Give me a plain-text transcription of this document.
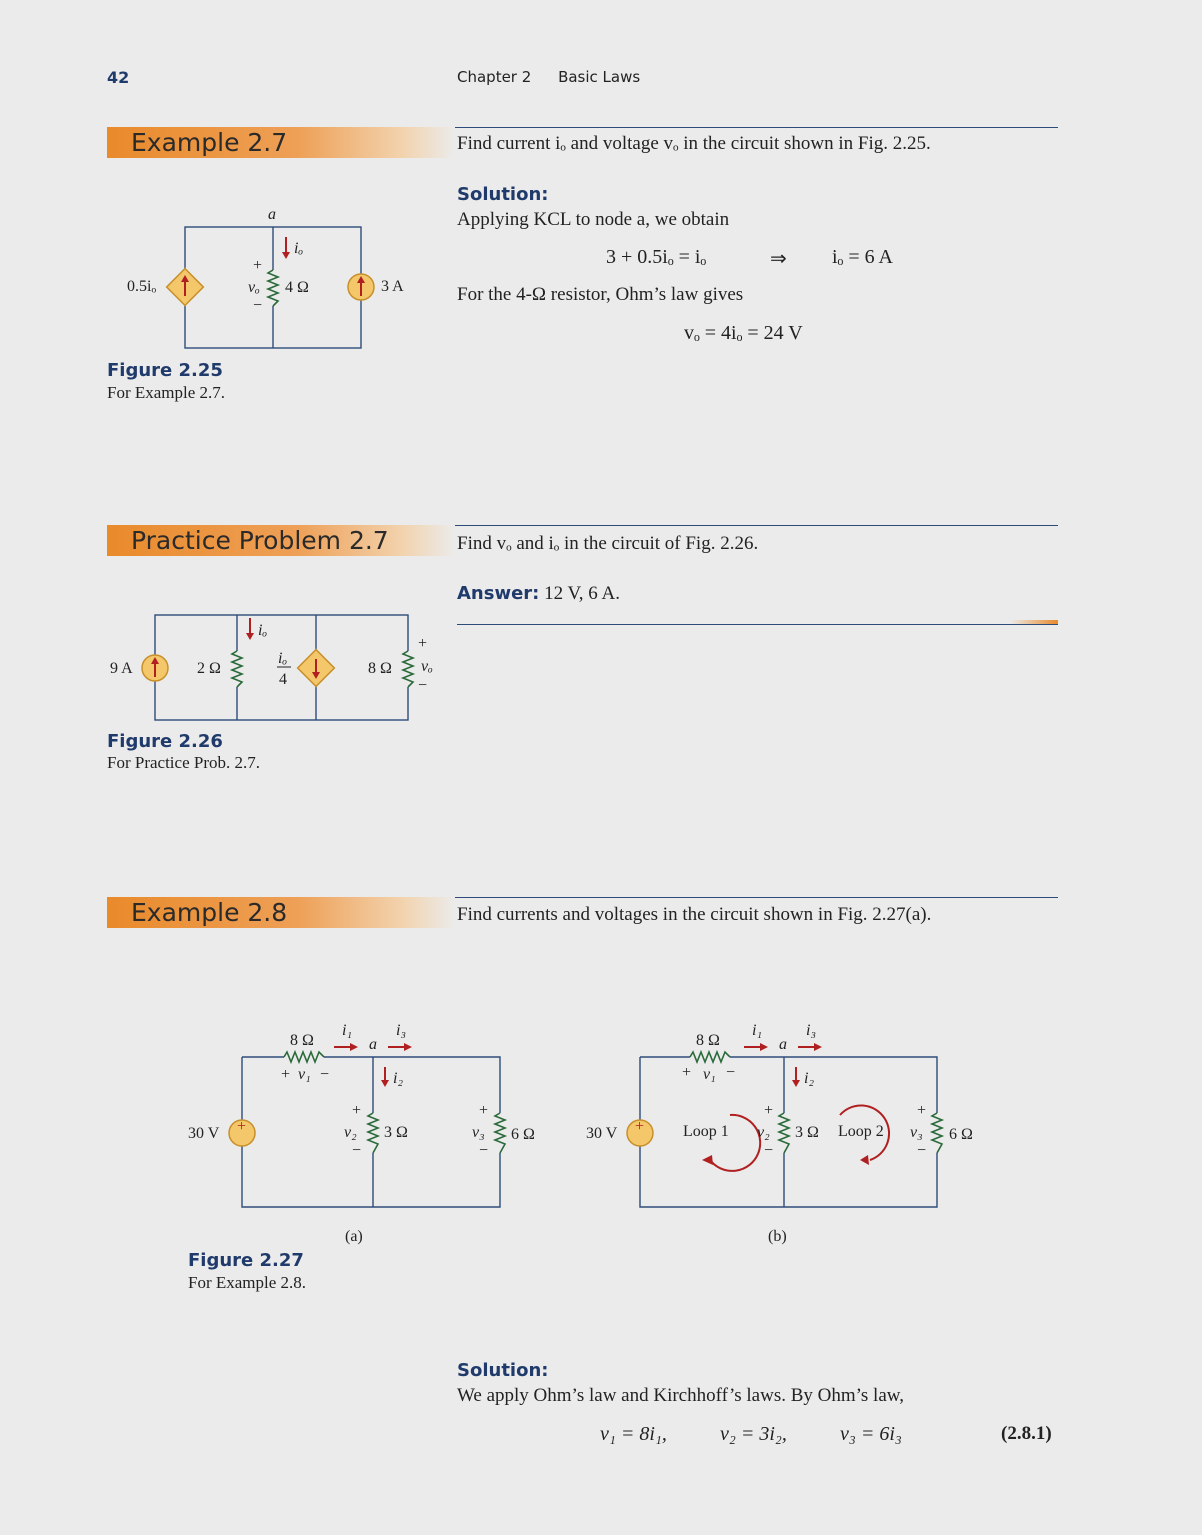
42	Chapter 2 Basic Laws
Example 2.7	Find current iₒ and voltage vₒ in the circuit shown in Fig. 2.25.
Solution:
Applying KCL to node a, we obtain
3 + 0.5iₒ = iₒ	⇒ iₒ = 6 A
For the 4-Ω resistor, Ohm’s law gives
vₒ = 4iₒ = 24 V
a
0.5iₒ	4 Ω
iₒ
+
vₒ
−
3 A
Figure 2.25
For Example 2.7.
Practice Problem 2.7	Find vₒ and iₒ in the circuit of Fig. 2.26.
Answer: 12 V, 6 A.
9 A	2 Ω
iₒ
iₒ
4
8 Ω
+
vₒ
−
Figure 2.26
For Practice Prob. 2.7.
Example 2.8	Find currents and voltages in the circuit shown in Fig. 2.27(a).
8 Ω
+ v₁ −
i₁
a
i₃
i₂
+
30 V	3 Ω
+
v₂
−
6 Ω
+
v₃
−
(a)
8 Ω
+ v₁ −
i₁
a
i₃
i₂
+
30 V	Loop 1	Loop 2
3 Ω
+
v₂
−
6 Ω
+
v₃
−
(b)
Figure 2.27
For Example 2.8.
Solution:
We apply Ohm’s law and Kirchhoff’s laws. By Ohm’s law,
v₁ = 8i₁,	v₂ = 3i₂,	v₃ = 6i₃	(2.8.1)
